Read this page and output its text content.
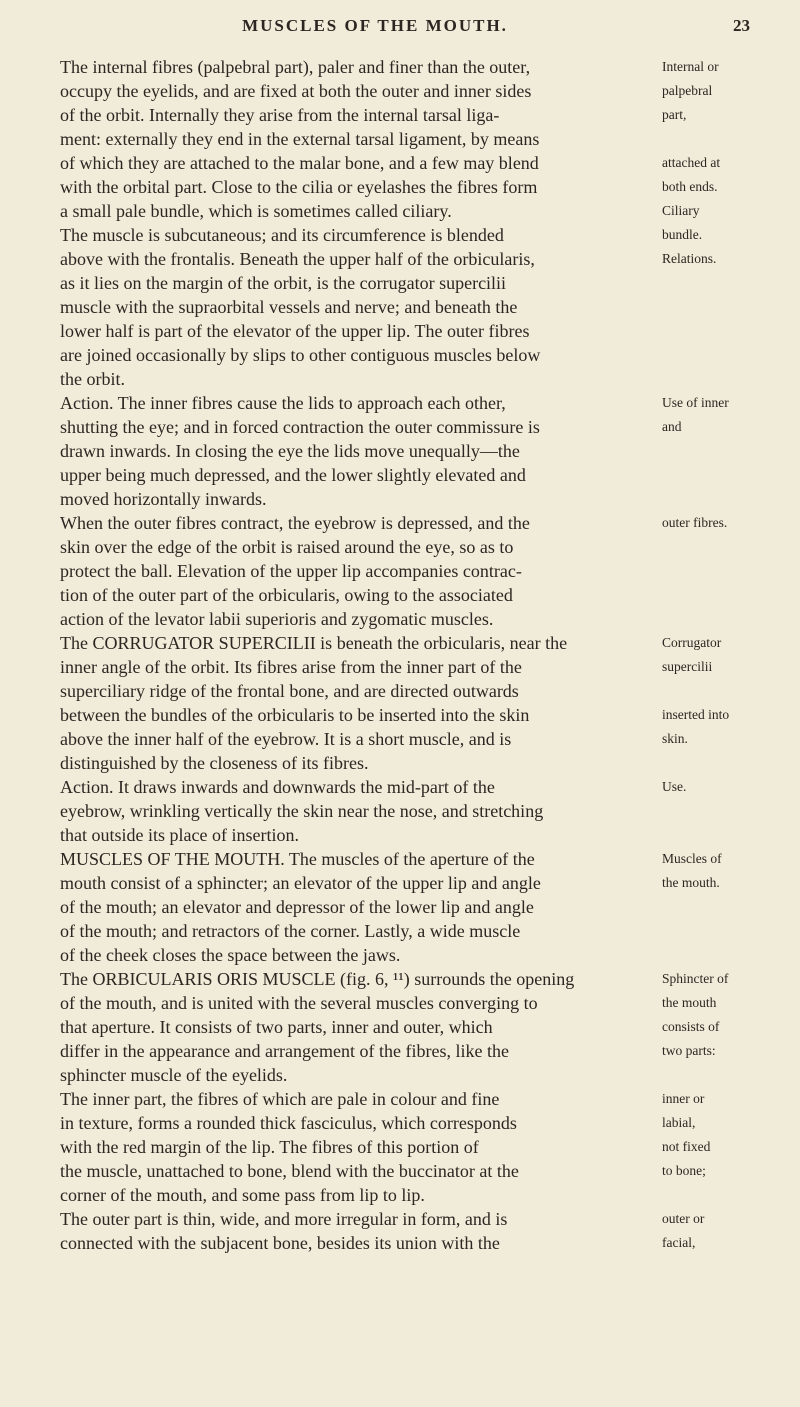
MUSCLES OF THE MOUTH.	23
The internal fibres (palpebral part), paler and finer than the outer,
occupy the eyelids, and are fixed at both the outer and inner sides
of the orbit. Internally they arise from the internal tarsal liga-
ment: externally they end in the external tarsal ligament, by means
of which they are attached to the malar bone, and a few may blend
with the orbital part. Close to the cilia or eyelashes the fibres form
a small pale bundle, which is sometimes called ciliary.
The muscle is subcutaneous; and its circumference is blended
above with the frontalis. Beneath the upper half of the orbicularis,
as it lies on the margin of the orbit, is the corrugator supercilii
muscle with the supraorbital vessels and nerve; and beneath the
lower half is part of the elevator of the upper lip. The outer fibres
are joined occasionally by slips to other contiguous muscles below
the orbit.
Action. The inner fibres cause the lids to approach each other,
shutting the eye; and in forced contraction the outer commissure is
drawn inwards. In closing the eye the lids move unequally—the
upper being much depressed, and the lower slightly elevated and
moved horizontally inwards.
When the outer fibres contract, the eyebrow is depressed, and the
skin over the edge of the orbit is raised around the eye, so as to
protect the ball. Elevation of the upper lip accompanies contrac-
tion of the outer part of the orbicularis, owing to the associated
action of the levator labii superioris and zygomatic muscles.
The CORRUGATOR SUPERCILII is beneath the orbicularis, near the
inner angle of the orbit. Its fibres arise from the inner part of the
superciliary ridge of the frontal bone, and are directed outwards
between the bundles of the orbicularis to be inserted into the skin
above the inner half of the eyebrow. It is a short muscle, and is
distinguished by the closeness of its fibres.
Action. It draws inwards and downwards the mid-part of the
eyebrow, wrinkling vertically the skin near the nose, and stretching
that outside its place of insertion.
MUSCLES OF THE MOUTH. The muscles of the aperture of the
mouth consist of a sphincter; an elevator of the upper lip and angle
of the mouth; an elevator and depressor of the lower lip and angle
of the mouth; and retractors of the corner. Lastly, a wide muscle
of the cheek closes the space between the jaws.
The ORBICULARIS ORIS MUSCLE (fig. 6, ¹¹) surrounds the opening
of the mouth, and is united with the several muscles converging to
that aperture. It consists of two parts, inner and outer, which
differ in the appearance and arrangement of the fibres, like the
sphincter muscle of the eyelids.
The inner part, the fibres of which are pale in colour and fine
in texture, forms a rounded thick fasciculus, which corresponds
with the red margin of the lip. The fibres of this portion of
the muscle, unattached to bone, blend with the buccinator at the
corner of the mouth, and some pass from lip to lip.
The outer part is thin, wide, and more irregular in form, and is
connected with the subjacent bone, besides its union with the
Internal or
palpebral
part,
attached at
both ends.
Ciliary
bundle.
Relations.
Use of inner
and
outer fibres.
Corrugator
supercilii
inserted into
skin.
Use.
Muscles of
the mouth.
Sphincter of
the mouth
consists of
two parts:
inner or
labial,
not fixed
to bone;
outer or
facial,
